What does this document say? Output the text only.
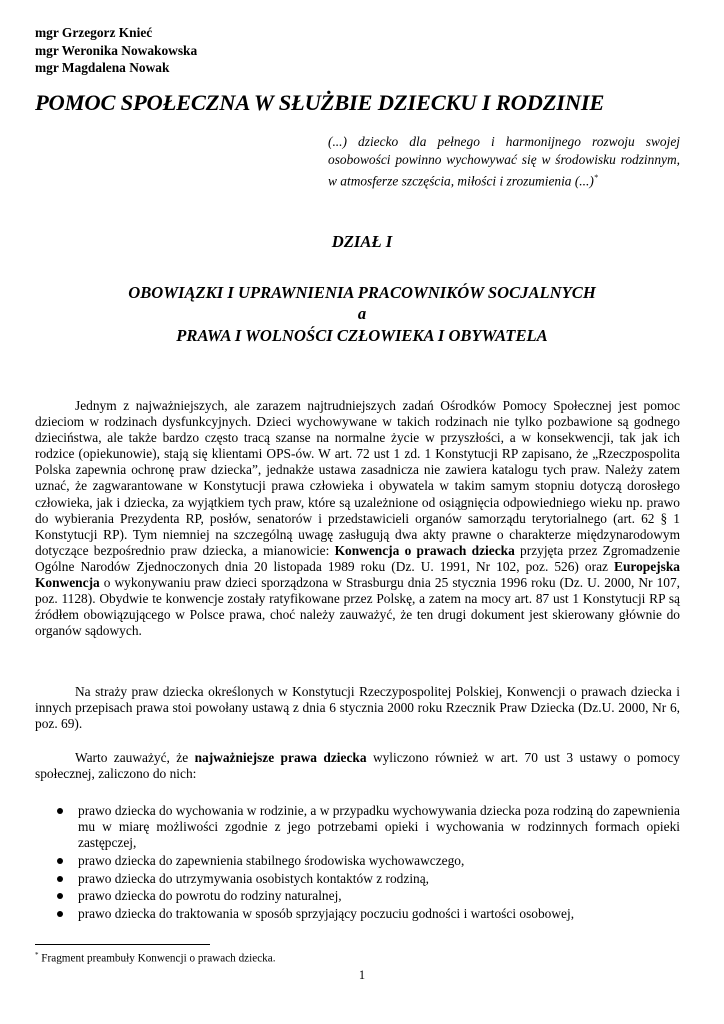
mgr Grzegorz Knieć
mgr Weronika Nowakowska
mgr Magdalena Nowak
POMOC SPOŁECZNA W SŁUŻBIE DZIECKU I RODZINIE
(...) dziecko dla pełnego i harmonijnego rozwoju swojej osobowości powinno wychowywać się w środowisku rodzinnym, w atmosferze szczęścia, miłości i zrozumienia (...)*
DZIAŁ I
OBOWIĄZKI I UPRAWNIENIA PRACOWNIKÓW SOCJALNYCH
a
PRAWA I WOLNOŚCI CZŁOWIEKA I OBYWATELA

Jednym z najważniejszych, ale zarazem najtrudniejszych zadań Ośrodków Pomocy Społecznej jest pomoc dzieciom w rodzinach dysfunkcyjnych. Dzieci wychowywane w takich rodzinach nie tylko pozbawione są godnego dzieciństwa, ale także bardzo często tracą szanse na normalne życie w przyszłości, a w konsekwencji, tak jak ich rodzice (opiekunowie), stają się klientami OPS-ów. W art. 72 ust 1 zd. 1 Konstytucji RP zapisano, że „Rzeczpospolita Polska zapewnia ochronę praw dziecka”, jednakże ustawa zasadnicza nie zawiera katalogu tych praw. Należy zatem uznać, że zagwarantowane w Konstytucji prawa człowieka i obywatela w takim samym stopniu dotyczą dorosłego człowieka, jak i dziecka, za wyjątkiem tych praw, które są uzależnione od osiągnięcia odpowiedniego wieku np. prawo do wybierania Prezydenta RP, posłów, senatorów i przedstawicieli organów samorządu terytorialnego (art. 62 § 1 Konstytucji RP). Tym niemniej na szczególną uwagę zasługują dwa akty prawne o charakterze międzynarodowym dotyczące bezpośrednio praw dziecka, a mianowicie: Konwencja o prawach dziecka przyjęta przez Zgromadzenie Ogólne Narodów Zjednoczonych dnia 20 listopada 1989 roku (Dz. U. 1991, Nr 102, poz. 526) oraz Europejska Konwencja o wykonywaniu praw dzieci sporządzona w Strasburgu dnia 25 stycznia 1996 roku (Dz. U. 2000, Nr 107, poz. 1128). Obydwie te konwencje zostały ratyfikowane przez Polskę, a zatem na mocy art. 87 ust 1 Konstytucji RP są źródłem obowiązującego w Polsce prawa, choć należy zauważyć, że ten drugi dokument jest skierowany głównie do organów sądowych.

Na straży praw dziecka określonych w Konstytucji Rzeczypospolitej Polskiej, Konwencji o prawach dziecka i innych przepisach prawa stoi powołany ustawą z dnia 6 stycznia 2000 roku Rzecznik Praw Dziecka (Dz.U. 2000, Nr 6, poz. 69).

Warto zauważyć, że najważniejsze prawa dziecka wyliczono również w art. 70 ust 3 ustawy o pomocy społecznej, zaliczono do nich:

prawo dziecka do wychowania w rodzinie, a w przypadku wychowywania dziecka poza rodziną do zapewnienia mu w miarę możliwości zgodnie z jego potrzebami opieki i wychowania w rodzinnych formach opieki zastępczej,
prawo dziecka do zapewnienia stabilnego środowiska wychowawczego,
prawo dziecka do utrzymywania osobistych kontaktów z rodziną,
prawo dziecka do powrotu do rodziny naturalnej,
prawo dziecka do traktowania w sposób sprzyjający poczuciu godności i wartości osobowej,
* Fragment preambuły Konwencji o prawach dziecka.
1
